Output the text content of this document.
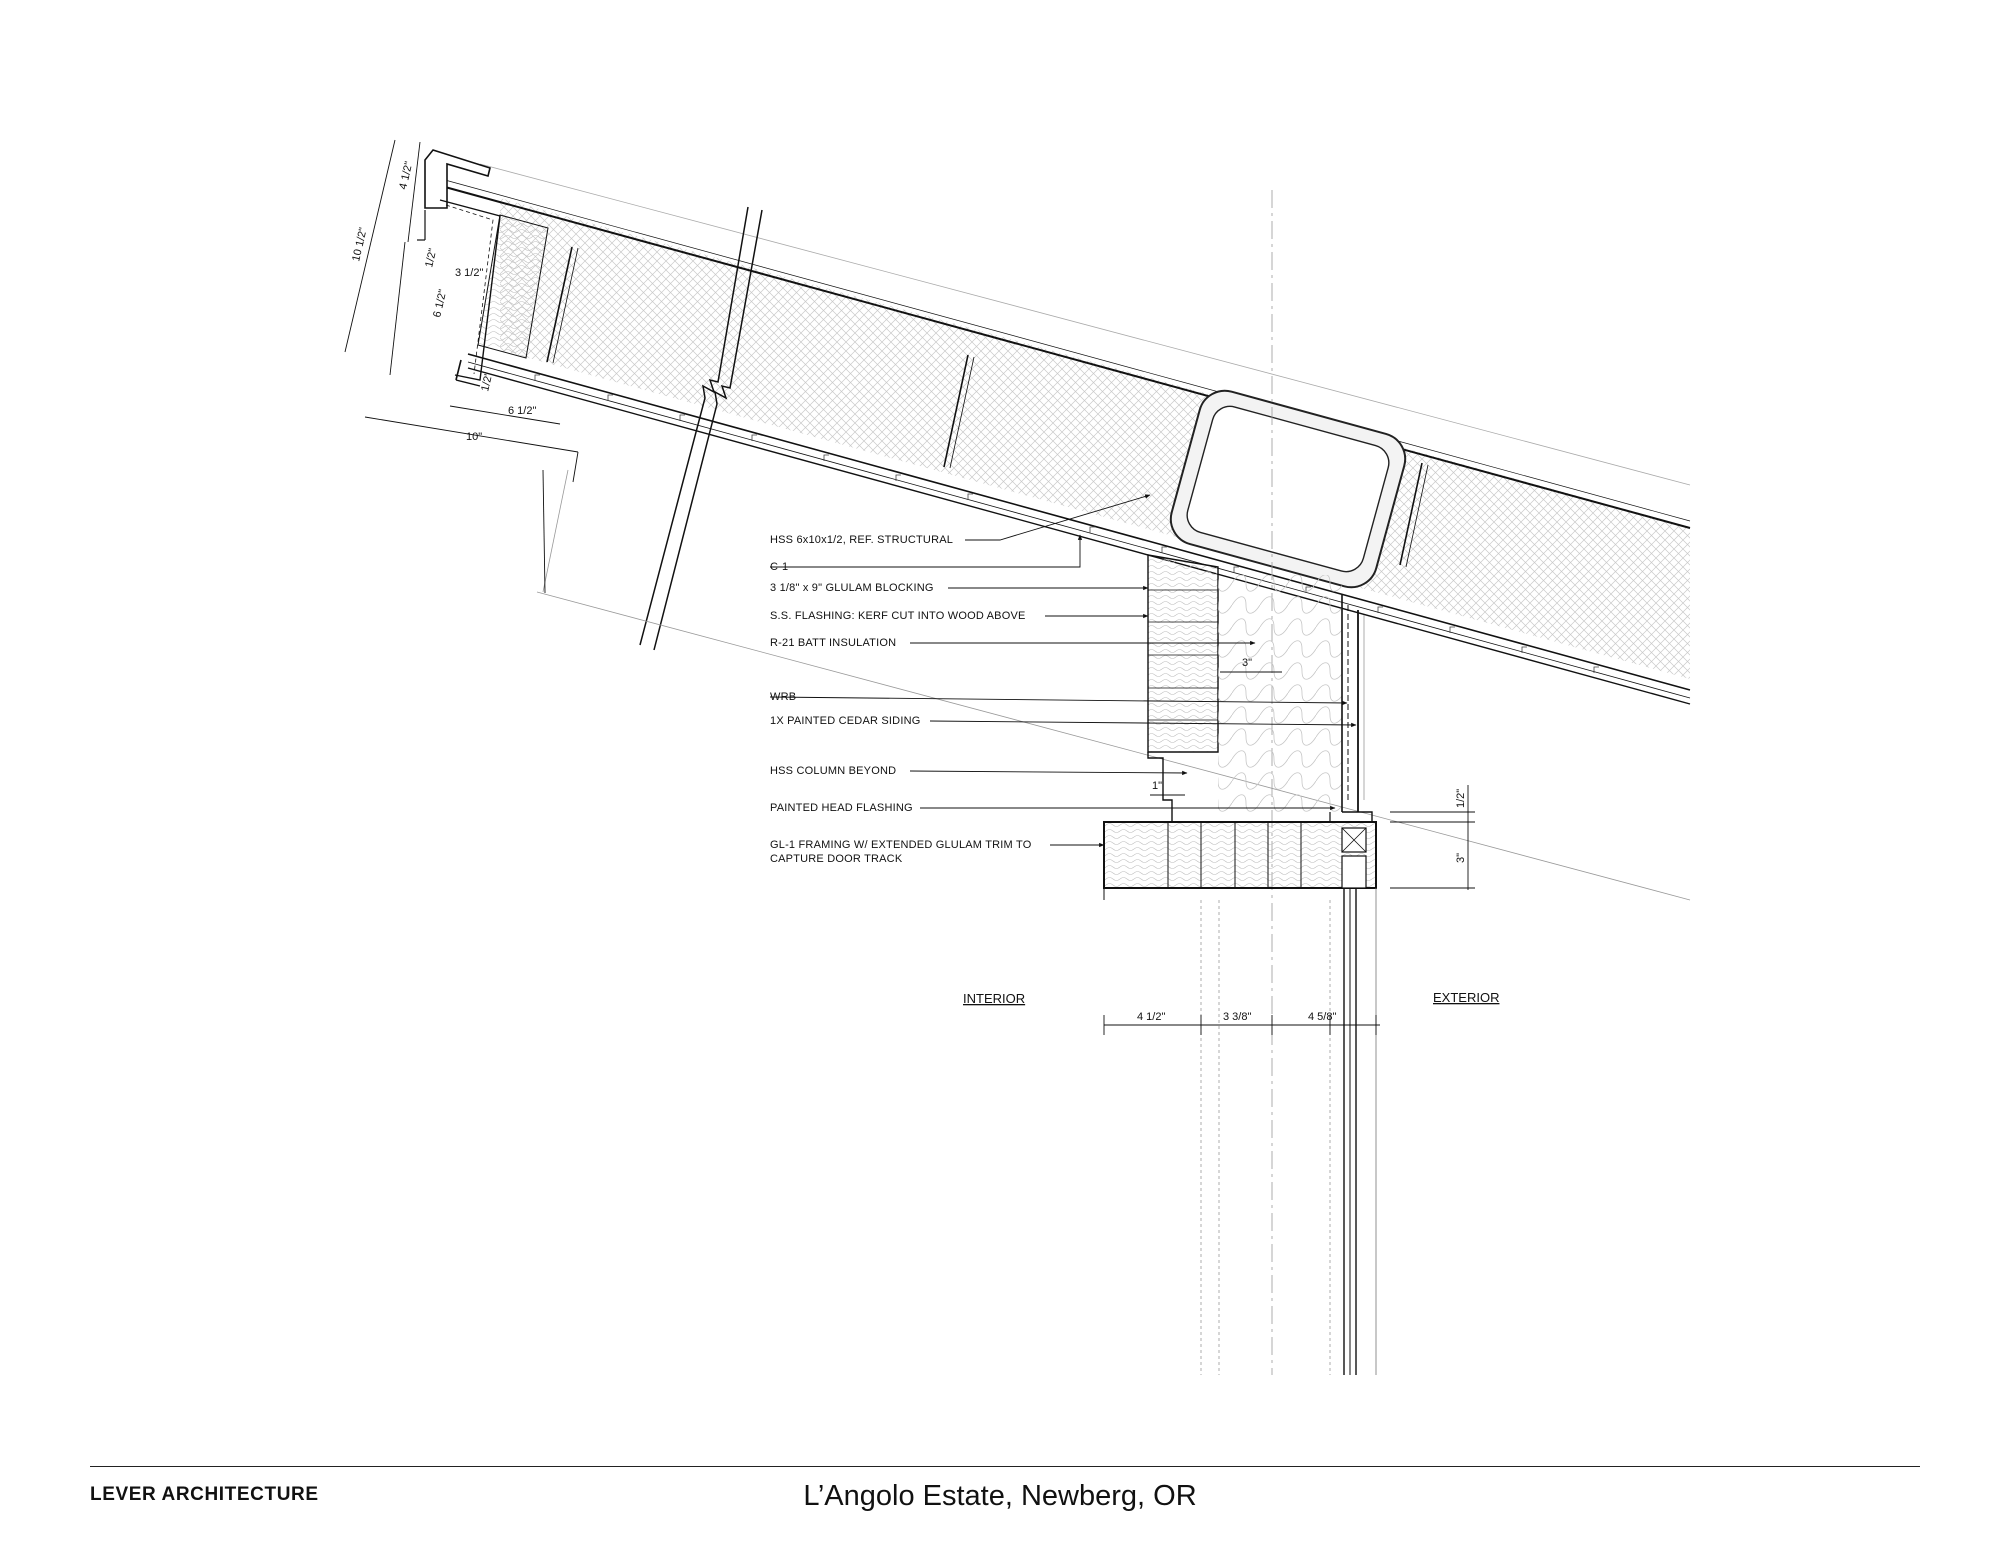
HSS 6x10x1/2, REF. STRUCTURAL
C-1
3 1/8" x 9" GLULAM BLOCKING
S.S. FLASHING: KERF CUT INTO WOOD ABOVE
R-21 BATT INSULATION
WRB
1X PAINTED CEDAR SIDING
HSS COLUMN BEYOND
PAINTED HEAD FLASHING
GL-1 FRAMING W/ EXTENDED GLULAM TRIM TO
CAPTURE DOOR TRACK
INTERIOR	EXTERIOR
10 1/2"
4 1/2"
1/2"
3 1/2"
6 1/2"
1/2"
6 1/2"
10"
3"
1"
1/2"
3"
4 1/2"	3 3/8"	4 5/8"
LEVER ARCHITECTURE	L’Angolo Estate, Newberg, OR
